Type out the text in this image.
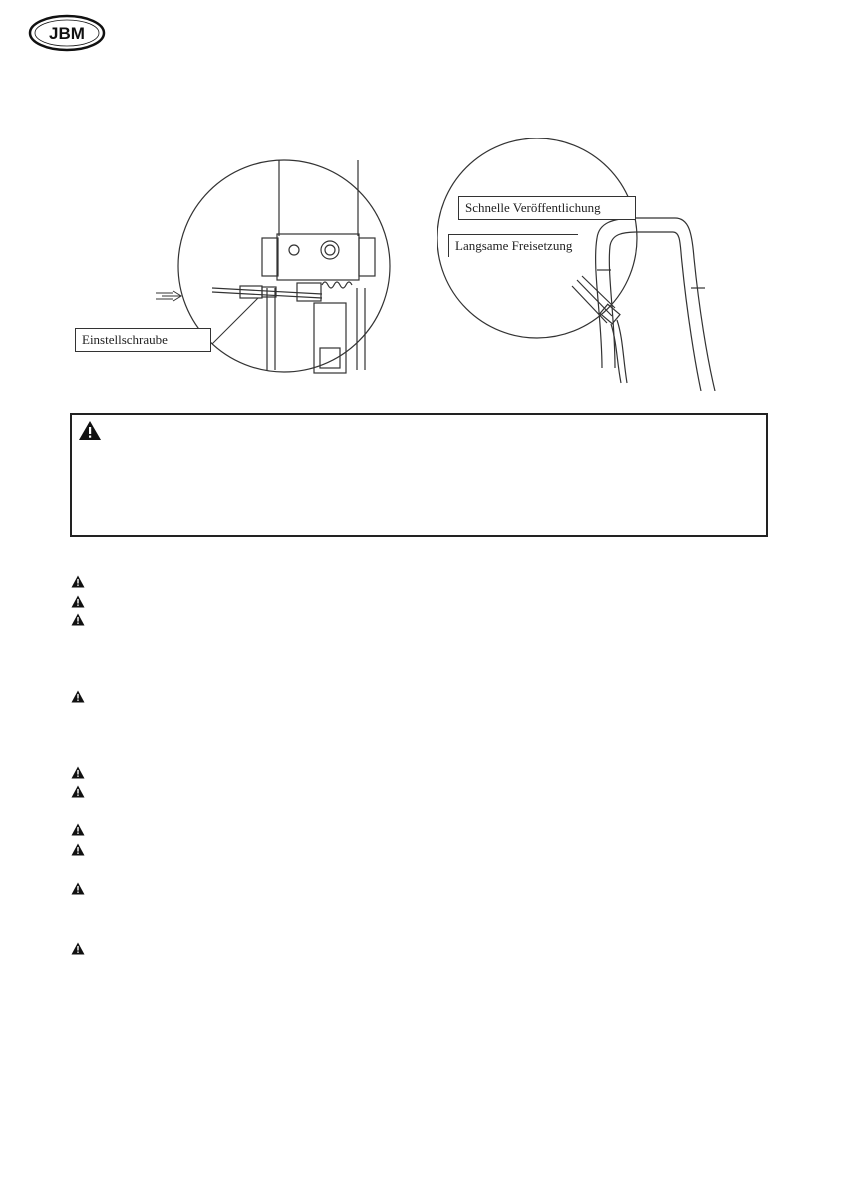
JBM
Einstellschraube
Schnelle Veröffentlichung
Langsame Freisetzung
